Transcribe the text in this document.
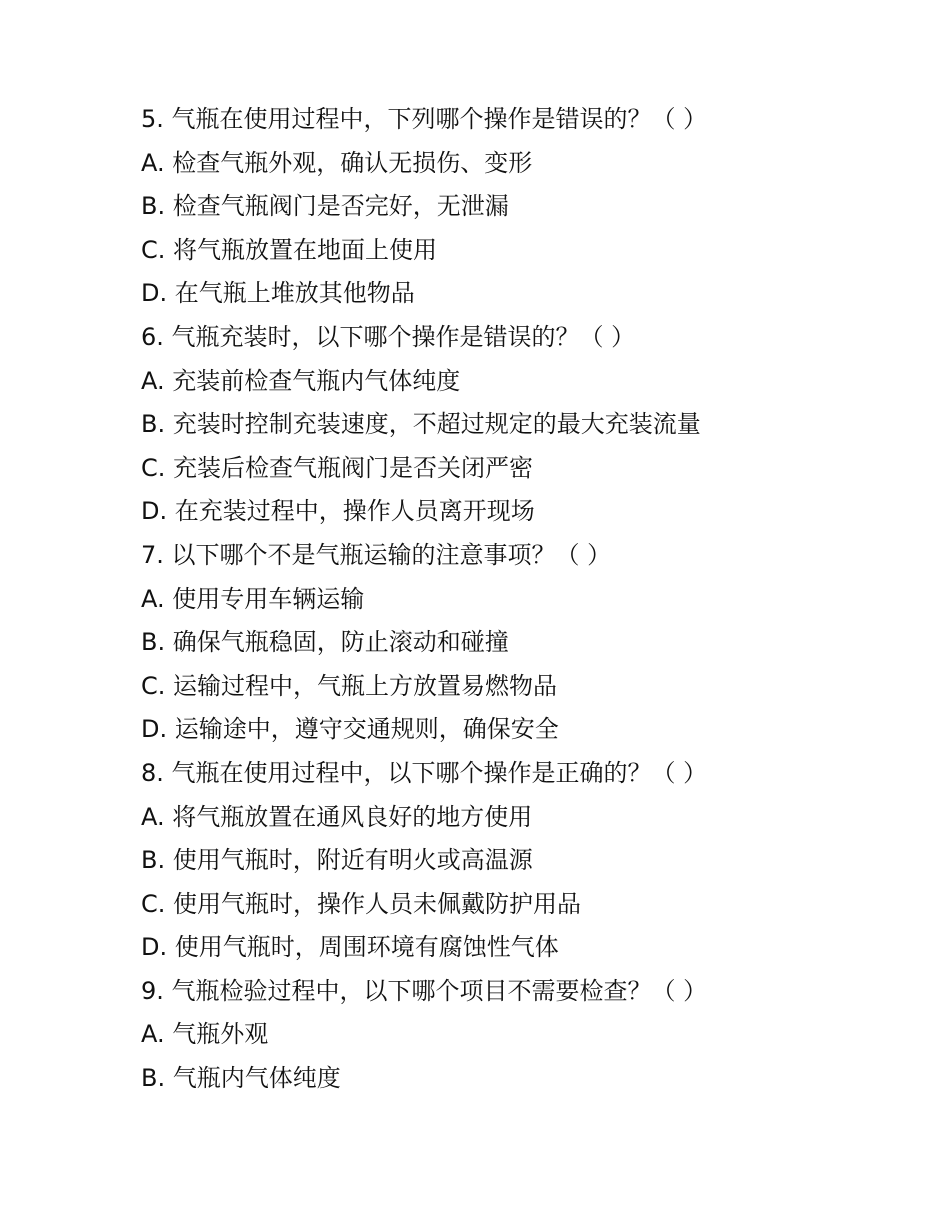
5. 气瓶在使用过程中，下列哪个操作是错误的？（ ）
A. 检查气瓶外观，确认无损伤、变形
B. 检查气瓶阀门是否完好，无泄漏
C. 将气瓶放置在地面上使用
D. 在气瓶上堆放其他物品
6. 气瓶充装时，以下哪个操作是错误的？（ ）
A. 充装前检查气瓶内气体纯度
B. 充装时控制充装速度，不超过规定的最大充装流量
C. 充装后检查气瓶阀门是否关闭严密
D. 在充装过程中，操作人员离开现场
7. 以下哪个不是气瓶运输的注意事项？（ ）
A. 使用专用车辆运输
B. 确保气瓶稳固，防止滚动和碰撞
C. 运输过程中，气瓶上方放置易燃物品
D. 运输途中，遵守交通规则，确保安全
8. 气瓶在使用过程中，以下哪个操作是正确的？（ ）
A. 将气瓶放置在通风良好的地方使用
B. 使用气瓶时，附近有明火或高温源
C. 使用气瓶时，操作人员未佩戴防护用品
D. 使用气瓶时，周围环境有腐蚀性气体
9. 气瓶检验过程中，以下哪个项目不需要检查？（ ）
A. 气瓶外观
B. 气瓶内气体纯度
